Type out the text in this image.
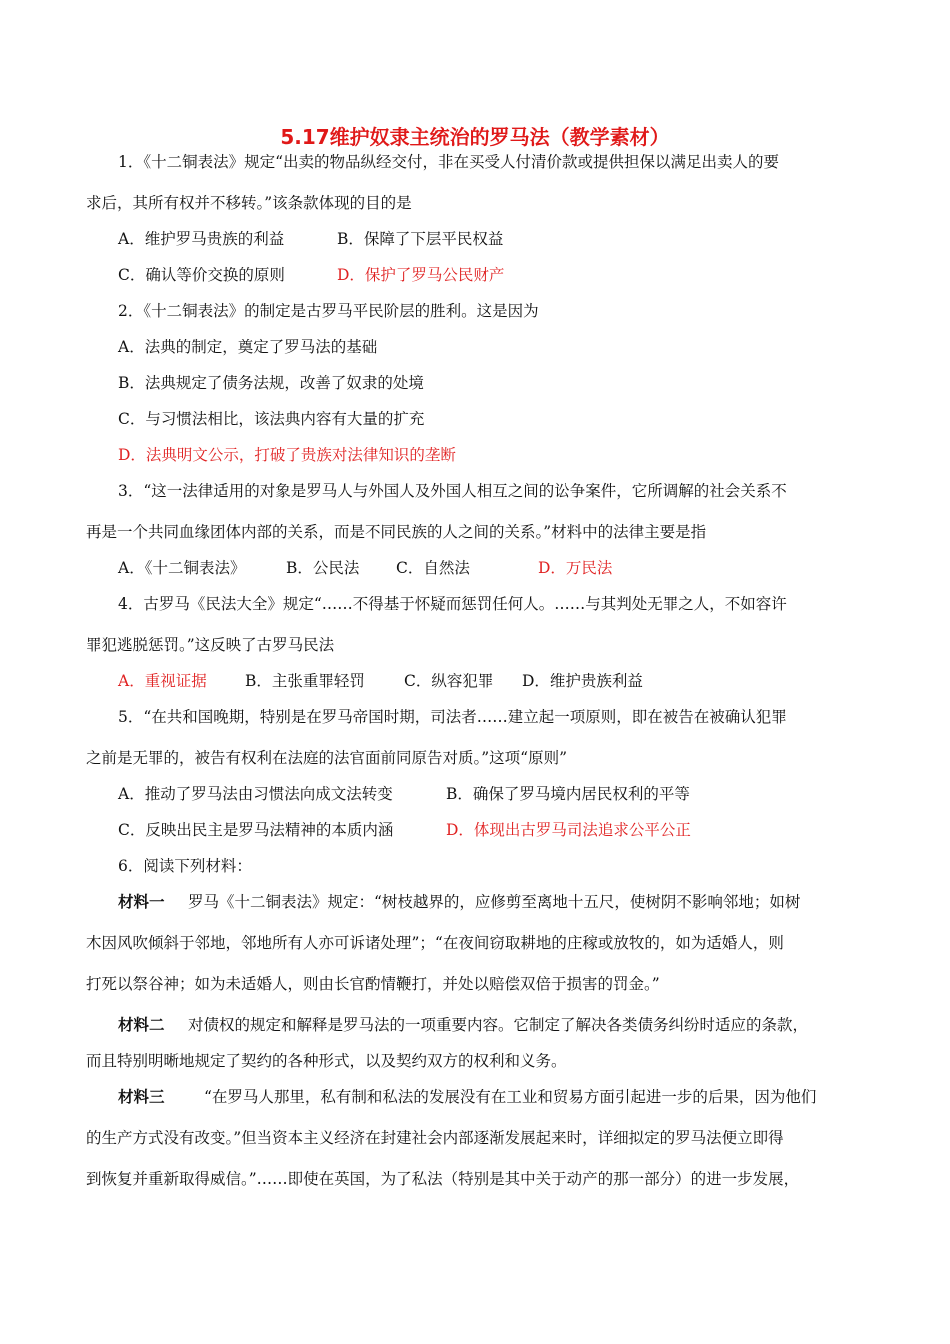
5.17维护奴隶主统治的罗马法（教学素材）
1．《十二铜表法》规定“出卖的物品纵经交付，非在买受人付清价款或提供担保以满足出卖人的要
求后，其所有权并不移转。”该条款体现的目的是
A．维护罗马贵族的利益	B．保障了下层平民权益
C．确认等价交换的原则	D．保护了罗马公民财产
2．《十二铜表法》的制定是古罗马平民阶层的胜利。这是因为
A．法典的制定，奠定了罗马法的基础
B．法典规定了债务法规，改善了奴隶的处境
C．与习惯法相比，该法典内容有大量的扩充
D．法典明文公示，打破了贵族对法律知识的垄断
3．“这一法律适用的对象是罗马人与外国人及外国人相互之间的讼争案件，它所调解的社会关系不
再是一个共同血缘团体内部的关系，而是不同民族的人之间的关系。”材料中的法律主要是指
A．《十二铜表法》	B．公民法 C．自然法	D．万民法
4．古罗马《民法大全》规定“……不得基于怀疑而惩罚任何人。……与其判处无罪之人，不如容许
罪犯逃脱惩罚。”这反映了古罗马民法
A．重视证据 B．主张重罪轻罚	C．纵容犯罪 D．维护贵族利益
5．“在共和国晚期，特别是在罗马帝国时期，司法者……建立起一项原则，即在被告在被确认犯罪
之前是无罪的，被告有权利在法庭的法官面前同原告对质。”这项“原则”
A．推动了罗马法由习惯法向成文法转变	B．确保了罗马境内居民权利的平等
C．反映出民主是罗马法精神的本质内涵	D．体现出古罗马司法追求公平公正
6．阅读下列材料：
材料一 罗马《十二铜表法》规定：“树枝越界的，应修剪至离地十五尺，使树阴不影响邻地；如树
木因风吹倾斜于邻地，邻地所有人亦可诉诸处理”；“在夜间窃取耕地的庄稼或放牧的，如为适婚人，则
打死以祭谷神；如为未适婚人，则由长官酌情鞭打，并处以赔偿双倍于损害的罚金。”
材料二 对债权的规定和解释是罗马法的一项重要内容。它制定了解决各类债务纠纷时适应的条款，
而且特别明晰地规定了契约的各种形式，以及契约双方的权利和义务。
材料三	“在罗马人那里，私有制和私法的发展没有在工业和贸易方面引起进一步的后果，因为他们
的生产方式没有改变。”但当资本主义经济在封建社会内部逐渐发展起来时，详细拟定的罗马法便立即得
到恢复并重新取得威信。”……即使在英国，为了私法（特别是其中关于动产的那一部分）的进一步发展，
